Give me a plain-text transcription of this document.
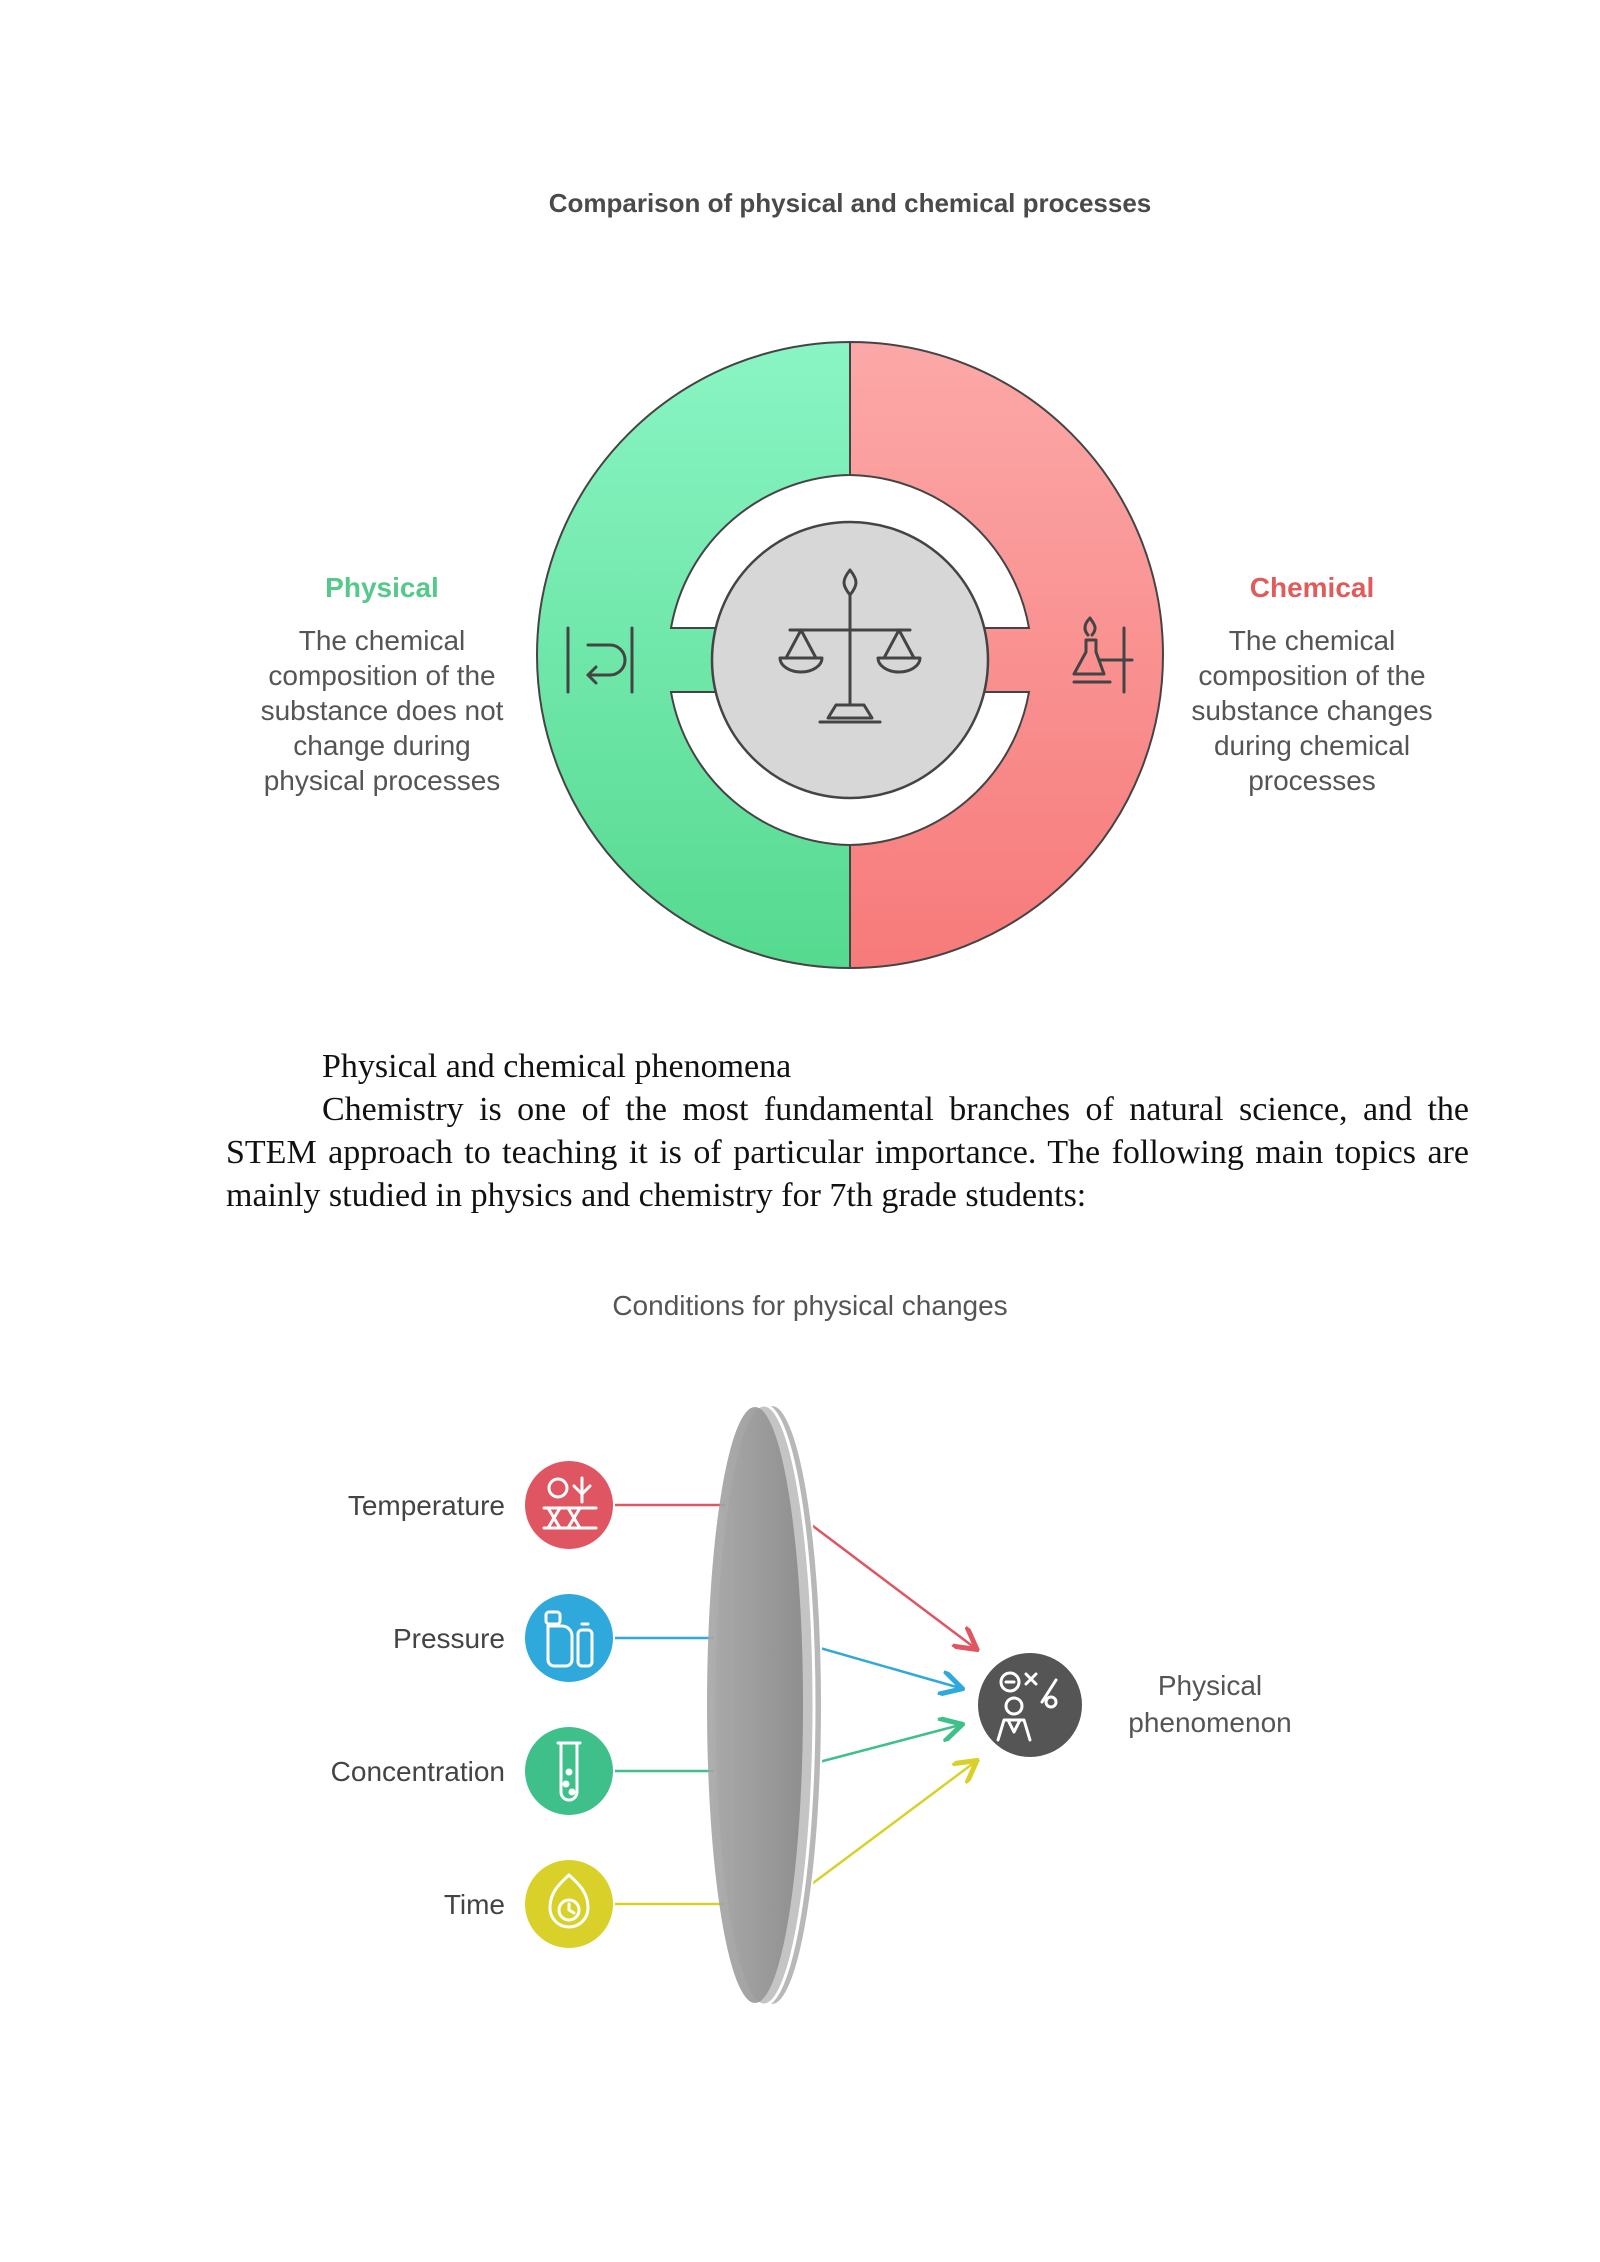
Comparison of physical and chemical processes
Physical
The chemical composition of the substance does not change during physical processes
Chemical
The chemical composition of the substance changes during chemical processes
Physical and chemical phenomena
Chemistry is one of the most fundamental branches of natural science, and the STEM approach to teaching it is of particular importance. The following main topics are mainly studied in physics and chemistry for 7th grade students:
Conditions for physical changes
Temperature
Pressure
Concentration
Time
Physical phenomenon
